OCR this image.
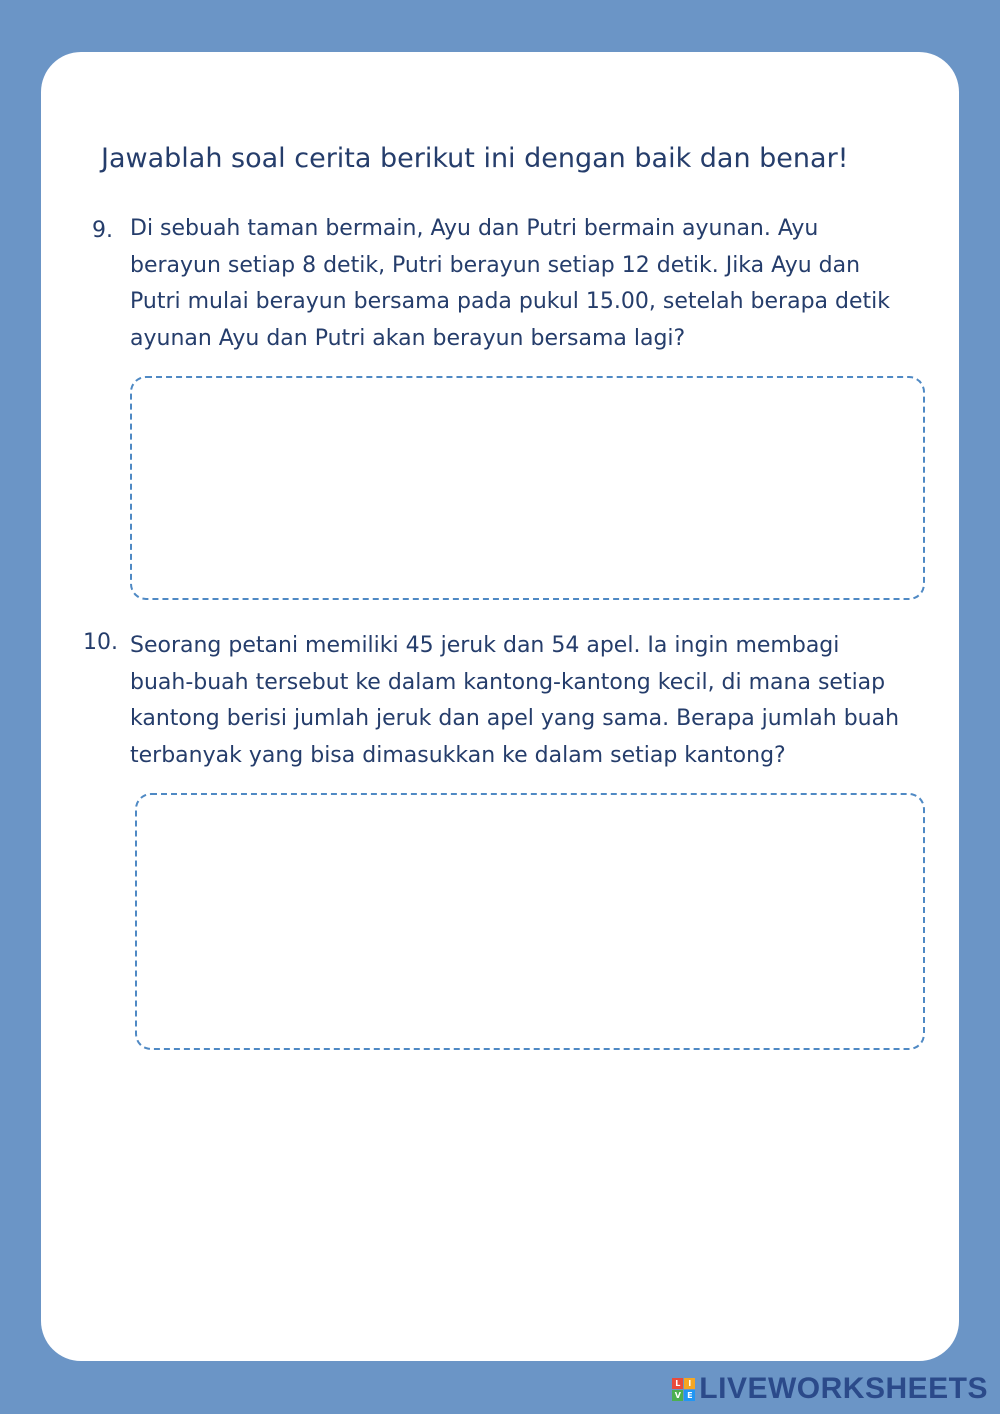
Jawablah soal cerita berikut ini dengan baik dan benar!
9. Di sebuah taman bermain, Ayu dan Putri bermain ayunan. Ayu
berayun setiap 8 detik, Putri berayun setiap 12 detik. Jika Ayu dan
Putri mulai berayun bersama pada pukul 15.00, setelah berapa detik
ayunan Ayu dan Putri akan berayun bersama lagi?
10. Seorang petani memiliki 45 jeruk dan 54 apel. Ia ingin membagi
buah-buah tersebut ke dalam kantong-kantong kecil, di mana setiap
kantong berisi jumlah jeruk dan apel yang sama. Berapa jumlah buah
terbanyak yang bisa dimasukkan ke dalam setiap kantong?
L I
V E LIVEWORKSHEETS
